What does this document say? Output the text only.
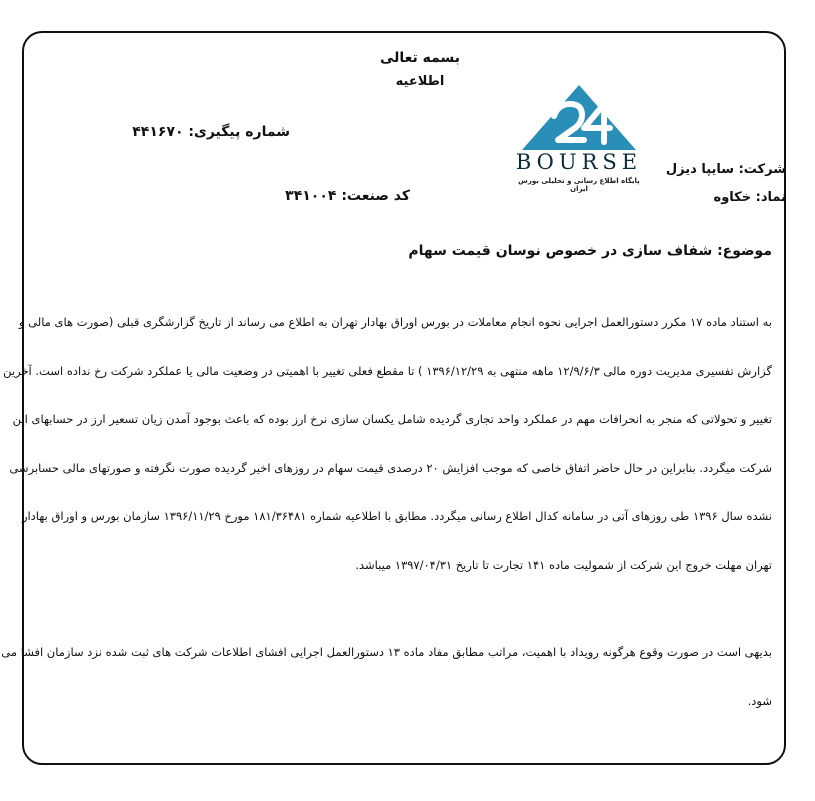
بسمه تعالی
اطلاعیه
شماره پیگیری: ۴۴۱۶۷۰
کد صنعت: ۳۴۱۰۰۴
شرکت: سایپا دیزل
نماد: خکاوه
BOURSE
پایگاه اطلاع رسانی و تحلیلی بورس ایران
موضوع: شفاف سازی در خصوص نوسان قیمت سهام
به استناد ماده ۱۷ مکرر دستورالعمل اجرایی نحوه انجام معاملات در بورس اوراق بهادار تهران به اطلاع می رساند از تاریخ گزارشگری قبلی (صورت های مالی و
گزارش تفسیری مدیریت دوره مالی ۱۲/۹/۶/۳ ماهه منتهی به ۱۳۹۶/۱۲/۲۹ ) تا مقطع فعلی تغییر با اهمیتی در وضعیت مالی یا عملکرد شرکت رخ نداده است. آخرین
تغییر و تحولاتی که منجر به انحرافات مهم در عملکرد واحد تجاری گردیده شامل یکسان سازی نرخ ارز بوده که باعث بوجود آمدن زیان تسعیر ارز در حسابهای این
شرکت میگردد. بنابراین در حال حاضر اتفاق خاصی که موجب افزایش ۲۰ درصدی قیمت سهام در روزهای اخیر گردیده صورت نگرفته و صورتهای مالی حسابرسی
نشده سال ۱۳۹۶ طی روزهای آتی در سامانه کدال اطلاع رسانی میگردد. مطابق با اطلاعیه شماره ۱۸۱/۳۶۴۸۱ مورخ ۱۳۹۶/۱۱/۲۹ سازمان بورس و اوراق بهادار
تهران مهلت خروج این شرکت از شمولیت ماده ۱۴۱ تجارت تا تاریخ ۱۳۹۷/۰۴/۳۱ میباشد.
بدیهی است در صورت وقوع هرگونه رویداد با اهمیت، مراتب مطابق مفاد ماده ۱۳ دستورالعمل اجرایی افشای اطلاعات شرکت های ثبت شده نزد سازمان افشا می
شود.
